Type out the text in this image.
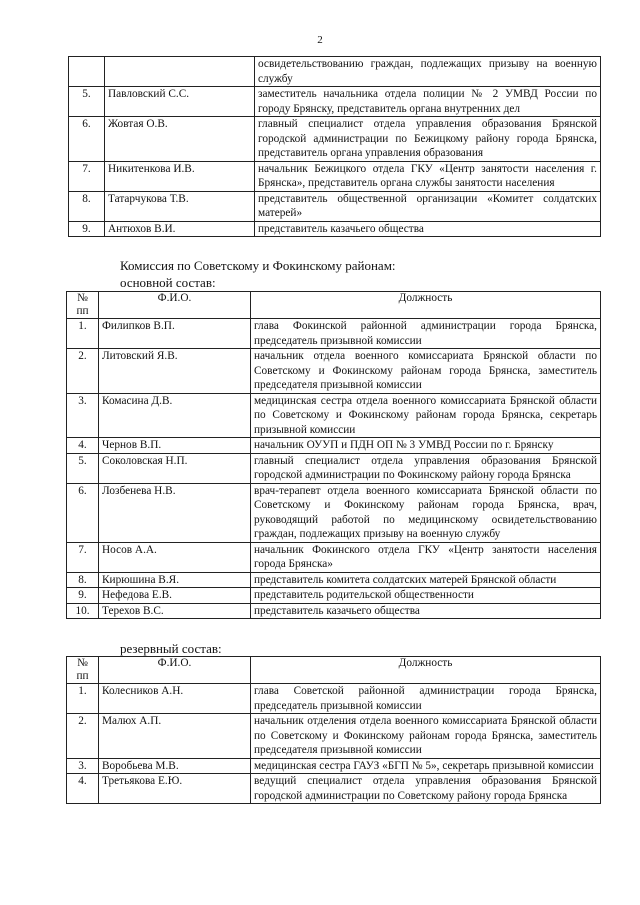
2
		освидетельствованию граждан, подлежащих призыву на военную службу
5.	Павловский С.С.	заместитель начальника отдела полиции № 2 УМВД России по городу Брянску, представитель органа внутренних дел
6.	Жовтая О.В.	главный специалист отдела управления образования Брянской городской администрации по Бежицкому району города Брянска, представитель органа управления образования
7.	Никитенкова И.В.	начальник Бежицкого отдела ГКУ «Центр занятости населения г. Брянска», представитель органа службы занятости населения
8.	Татарчукова Т.В.	представитель общественной организации «Комитет солдатских матерей»
9.	Антюхов В.И.	представитель казачьего общества
Комиссия по Советскому и Фокинскому районам:
основной состав:
№ пп	Ф.И.О.	Должность
1.	Филипков В.П.	глава Фокинской районной администрации города Брянска, председатель призывной комиссии
2.	Литовский Я.В.	начальник отдела военного комиссариата Брянской области по Советскому и Фокинскому районам города Брянска, заместитель председателя призывной комиссии
3.	Комасина Д.В.	медицинская сестра отдела военного комиссариата Брянской области по Советскому и Фокинскому районам города Брянска, секретарь призывной комиссии
4.	Чернов В.П.	начальник ОУУП и ПДН ОП № 3 УМВД России по г. Брянску
5.	Соколовская Н.П.	главный специалист отдела управления образования Брянской городской администрации по Фокинскому району города Брянска
6.	Лозбенева Н.В.	врач-терапевт отдела военного комиссариата Брянской области по Советскому и Фокинскому районам города Брянска, врач, руководящий работой по медицинскому освидетельствованию граждан, подлежащих призыву на военную службу
7.	Носов А.А.	начальник Фокинского отдела ГКУ «Центр занятости населения города Брянска»
8.	Кирюшина В.Я.	представитель комитета солдатских матерей Брянской области
9.	Нефедова Е.В.	представитель родительской общественности
10.	Терехов В.С.	представитель казачьего общества
резервный состав:
№ пп	Ф.И.О.	Должность
1.	Колесников А.Н.	глава Советской районной администрации города Брянска, председатель призывной комиссии
2.	Малюх А.П.	начальник отделения отдела военного комиссариата Брянской области по Советскому и Фокинскому районам города Брянска, заместитель председателя призывной комиссии
3.	Воробьева М.В.	медицинская сестра ГАУЗ «БГП № 5», секретарь призывной комиссии
4.	Третьякова Е.Ю.	ведущий специалист отдела управления образования Брянской городской администрации по Советскому району города Брянска
